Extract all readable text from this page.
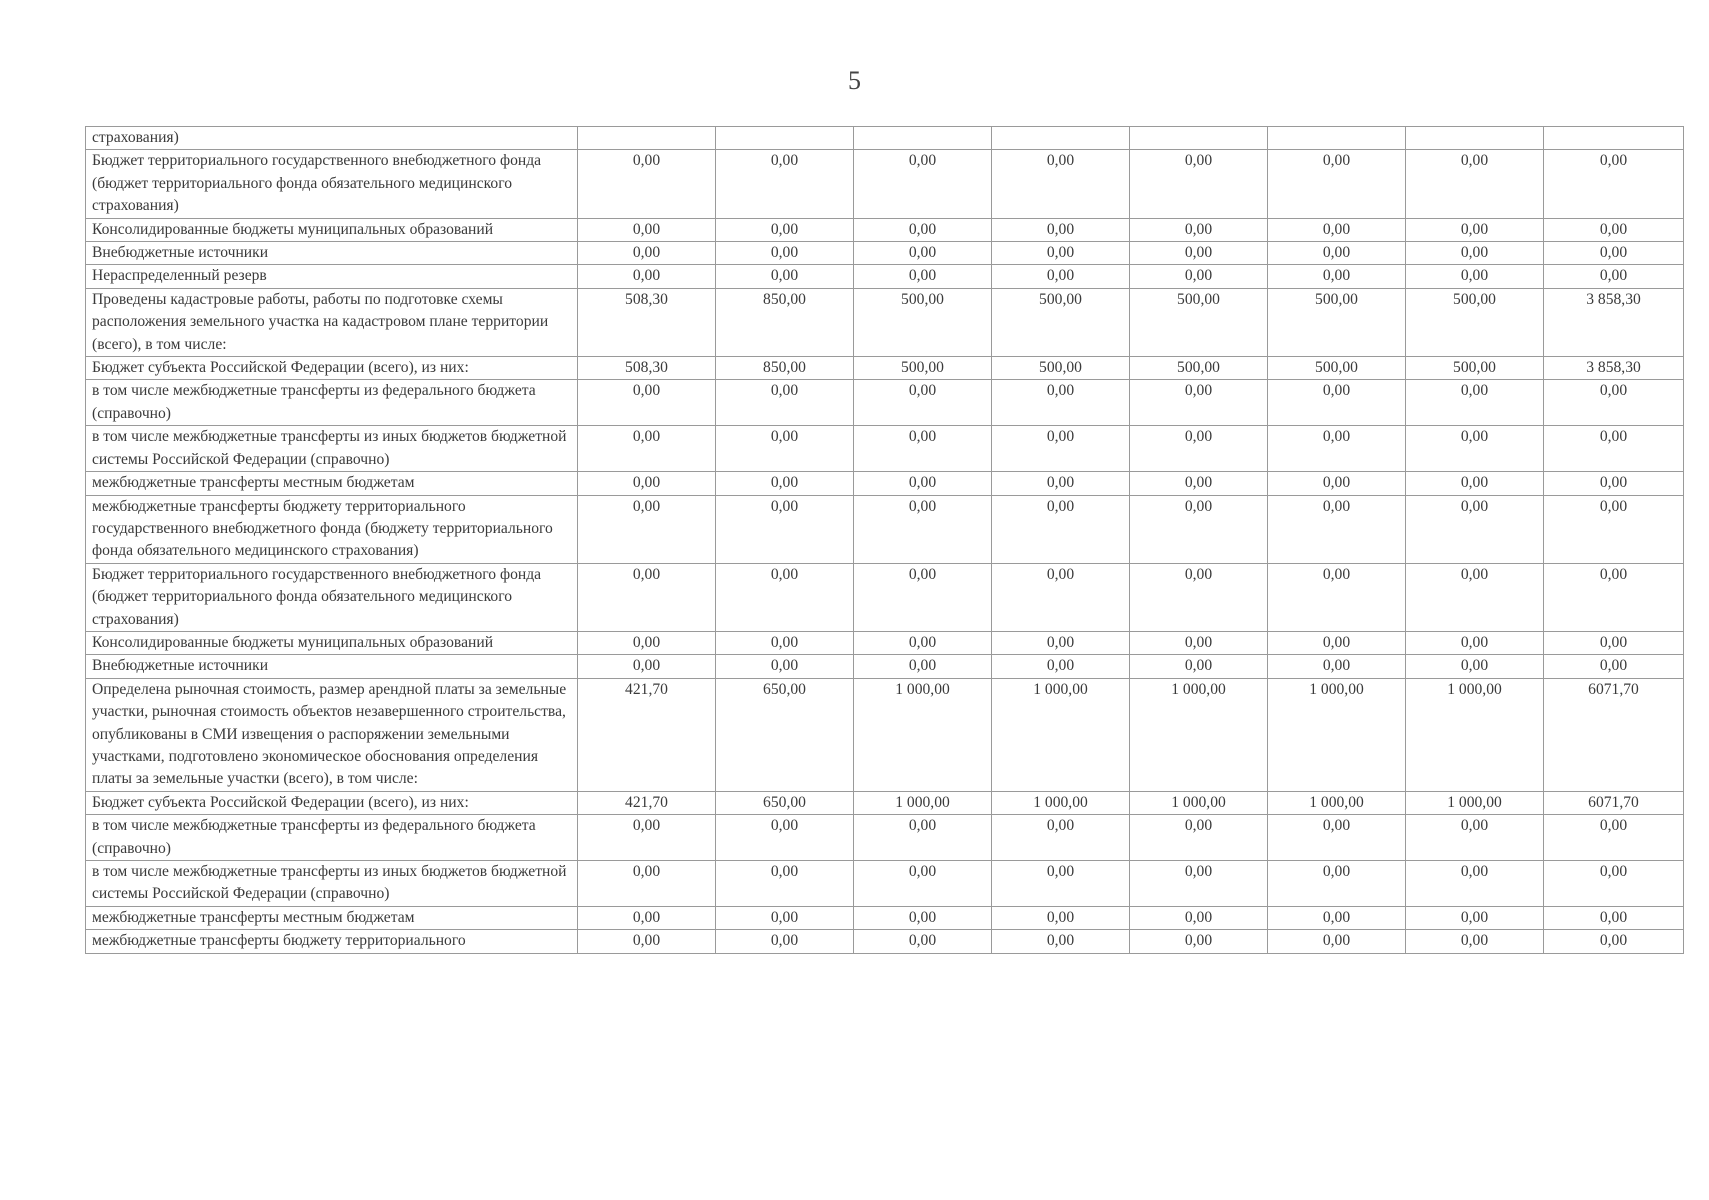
5
страхования)								
Бюджет территориального государственного внебюджетного фонда (бюджет территориального фонда обязательного медицинского страхования)	0,00	0,00	0,00	0,00	0,00	0,00	0,00	0,00
Консолидированные бюджеты муниципальных образований	0,00	0,00	0,00	0,00	0,00	0,00	0,00	0,00
Внебюджетные источники	0,00	0,00	0,00	0,00	0,00	0,00	0,00	0,00
Нераспределенный резерв	0,00	0,00	0,00	0,00	0,00	0,00	0,00	0,00
Проведены кадастровые работы, работы по подготовке схемы расположения земельного участка на кадастровом плане территории (всего), в том числе:	508,30	850,00	500,00	500,00	500,00	500,00	500,00	3 858,30
Бюджет субъекта Российской Федерации (всего), из них:	508,30	850,00	500,00	500,00	500,00	500,00	500,00	3 858,30
в том числе межбюджетные трансферты из федерального бюджета (справочно)	0,00	0,00	0,00	0,00	0,00	0,00	0,00	0,00
в том числе межбюджетные трансферты из иных бюджетов бюджетной системы Российской Федерации (справочно)	0,00	0,00	0,00	0,00	0,00	0,00	0,00	0,00
межбюджетные трансферты местным бюджетам	0,00	0,00	0,00	0,00	0,00	0,00	0,00	0,00
межбюджетные трансферты бюджету территориального государственного внебюджетного фонда (бюджету территориального фонда обязательного медицинского страхования)	0,00	0,00	0,00	0,00	0,00	0,00	0,00	0,00
Бюджет территориального государственного внебюджетного фонда (бюджет территориального фонда обязательного медицинского страхования)	0,00	0,00	0,00	0,00	0,00	0,00	0,00	0,00
Консолидированные бюджеты муниципальных образований	0,00	0,00	0,00	0,00	0,00	0,00	0,00	0,00
Внебюджетные источники	0,00	0,00	0,00	0,00	0,00	0,00	0,00	0,00
Определена рыночная стоимость, размер арендной платы за земельные участки, рыночная стоимость объектов незавершенного строительства, опубликованы в СМИ извещения о распоряжении земельными участками, подготовлено экономическое обоснования определения платы за земельные участки (всего), в том числе:	421,70	650,00	1 000,00	1 000,00	1 000,00	1 000,00	1 000,00	6071,70
Бюджет субъекта Российской Федерации (всего), из них:	421,70	650,00	1 000,00	1 000,00	1 000,00	1 000,00	1 000,00	6071,70
в том числе межбюджетные трансферты из федерального бюджета (справочно)	0,00	0,00	0,00	0,00	0,00	0,00	0,00	0,00
в том числе межбюджетные трансферты из иных бюджетов бюджетной системы Российской Федерации (справочно)	0,00	0,00	0,00	0,00	0,00	0,00	0,00	0,00
межбюджетные трансферты местным бюджетам	0,00	0,00	0,00	0,00	0,00	0,00	0,00	0,00
межбюджетные трансферты бюджету территориального	0,00	0,00	0,00	0,00	0,00	0,00	0,00	0,00
